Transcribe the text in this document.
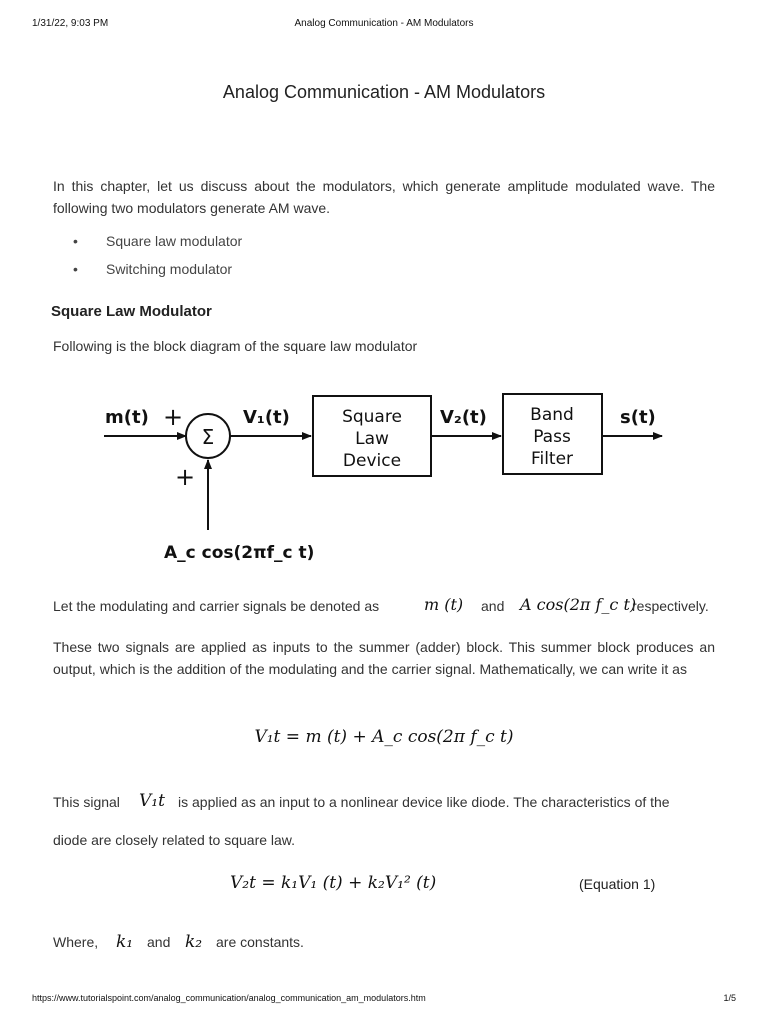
1/31/22, 9:03 PM	Analog Communication - AM Modulators
Analog Communication - AM Modulators
In this chapter, let us discuss about the modulators, which generate amplitude modulated wave. The following two modulators generate AM wave.
• Square law modulator
• Switching modulator
Square Law Modulator
Following is the block diagram of the square law modulator
Σ
Square
Law
Device
Band
Pass
Filter
m(t) +
+
V₁(t)	V₂(t)	s(t)
A_c cos(2πf_c t)
Let the modulating and carrier signals be denoted as	m (t) and A cos(2π f_c t)
respectively.
These two signals are applied as inputs to the summer (adder) block. This summer block produces an output, which is the addition of the modulating and the carrier signal. Mathematically, we can write it as
V₁t = m (t) + A_c cos(2π f_c t)
This signal V₁t is applied as an input to a nonlinear device like diode. The characteristics of the
diode are closely related to square law.
V₂t = k₁V₁ (t) + k₂V₁² (t)	(Equation 1)
Where, k₁ and k₂ are constants.
https://www.tutorialspoint.com/analog_communication/analog_communication_am_modulators.htm	1/5
